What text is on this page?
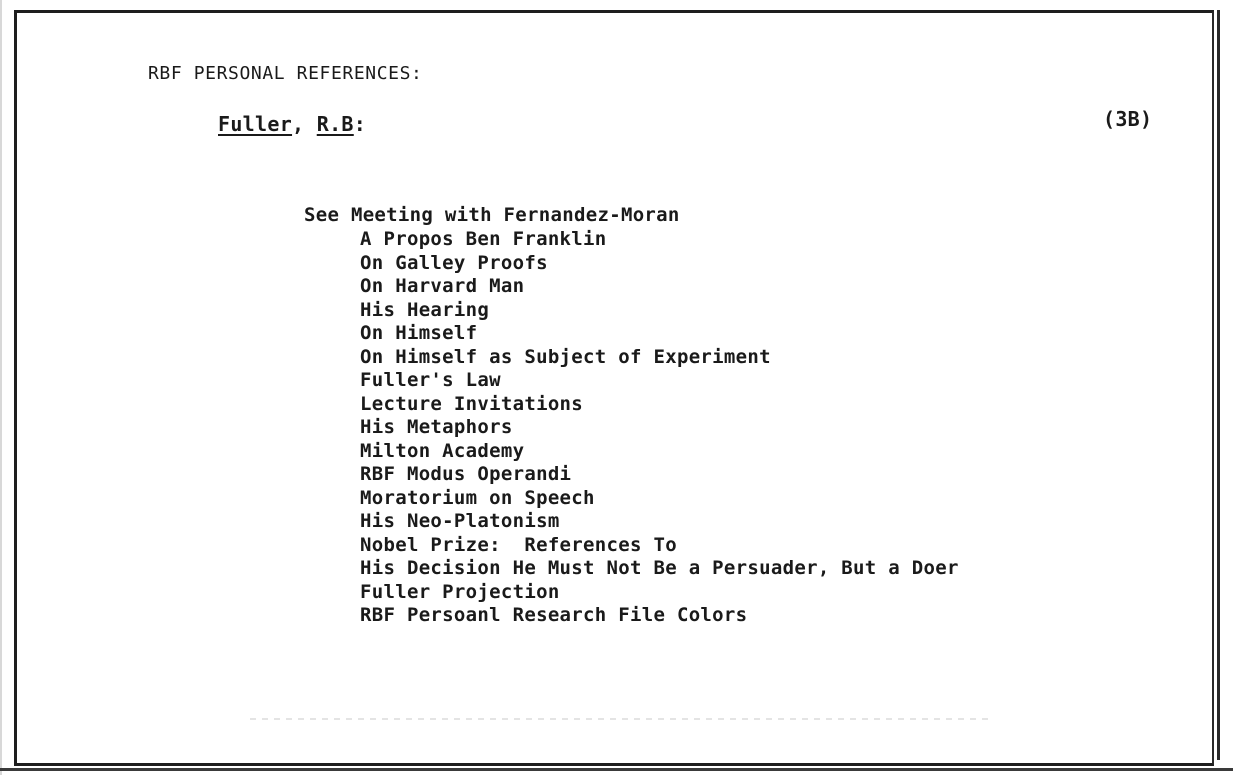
RBF PERSONAL REFERENCES:
Fuller, R.B:	(3B)
See Meeting with Fernandez-Moran
A Propos Ben Franklin
On Galley Proofs
On Harvard Man
His Hearing
On Himself
On Himself as Subject of Experiment
Fuller's Law
Lecture Invitations
His Metaphors
Milton Academy
RBF Modus Operandi
Moratorium on Speech
His Neo-Platonism
Nobel Prize:  References To
His Decision He Must Not Be a Persuader, But a Doer
Fuller Projection
RBF Persoanl Research File Colors
